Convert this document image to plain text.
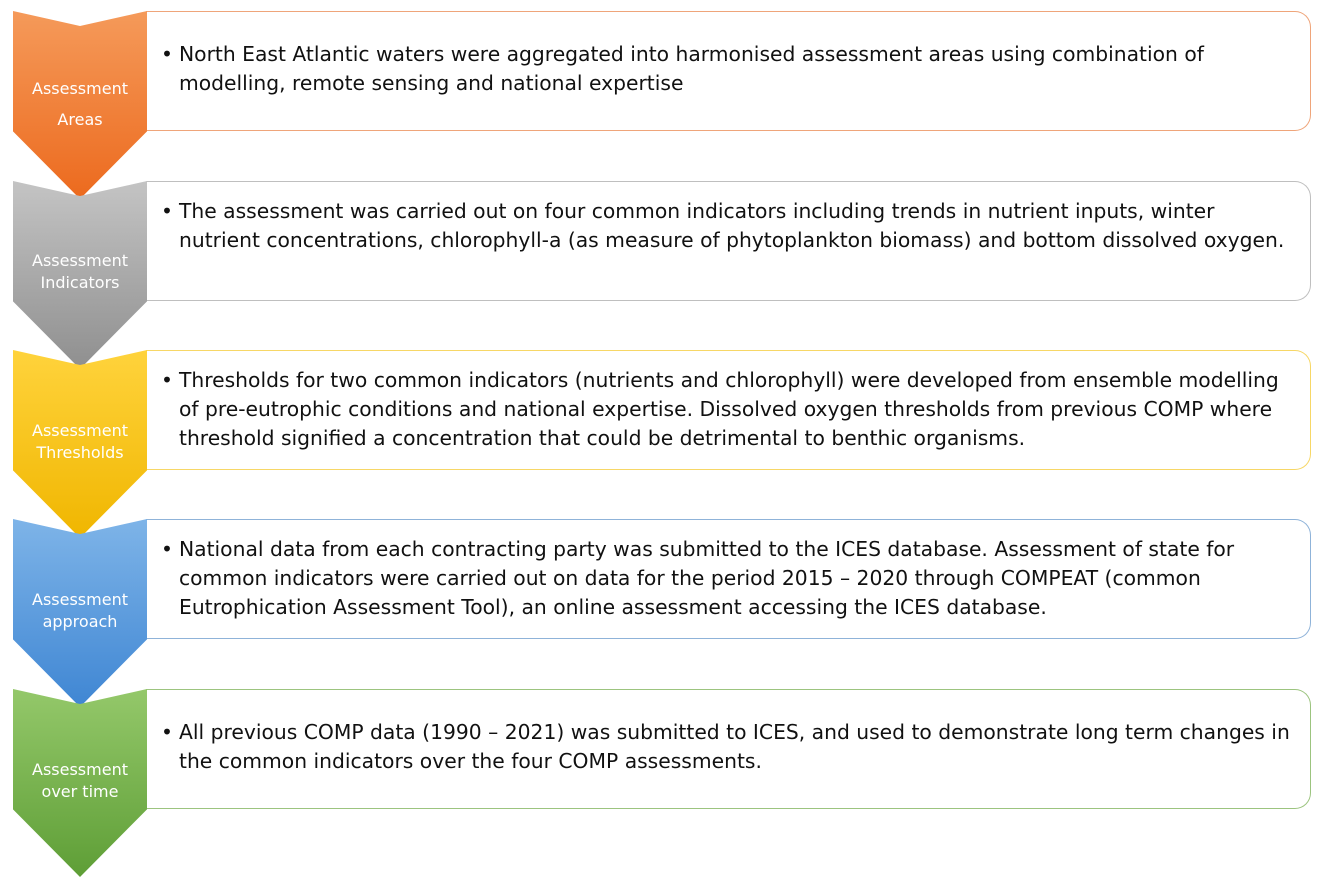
• North East Atlantic waters were aggregated into harmonised assessment areas using combination of modelling, remote sensing and national expertise
Assessment
Areas
• The assessment was carried out on four common indicators including trends in nutrient inputs, winter nutrient concentrations, chlorophyll-a (as measure of phytoplankton biomass) and bottom dissolved oxygen.
Assessment
Indicators
• Thresholds for two common indicators (nutrients and chlorophyll) were developed from ensemble modelling of pre-eutrophic conditions and national expertise. Dissolved oxygen thresholds from previous COMP where threshold signified a concentration that could be detrimental to benthic organisms.
Assessment
Thresholds
• National data from each contracting party was submitted to the ICES database. Assessment of state for common indicators were carried out on data for the period 2015 – 2020 through COMPEAT (common Eutrophication Assessment Tool), an online assessment accessing the ICES database.
Assessment
approach
• All previous COMP data (1990 – 2021) was submitted to ICES, and used to demonstrate long term changes in the common indicators over the four COMP assessments.
Assessment
over time
